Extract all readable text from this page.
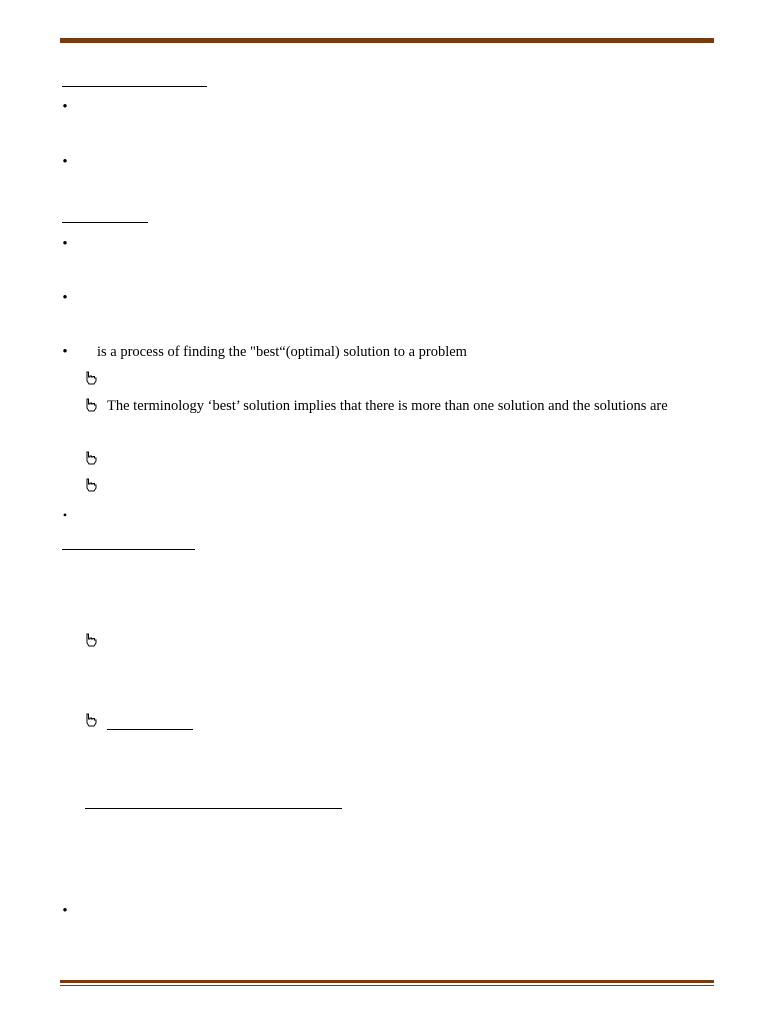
•
•
•
•
• is a process of finding the "best“(optimal) solution to a problem
The terminology ‘best’ solution implies that there is more than one solution and the solutions are
•
•
